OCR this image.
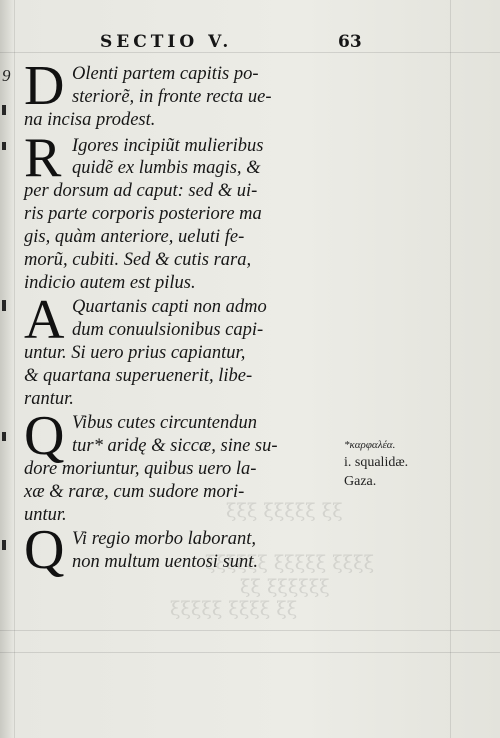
ξξξ ξξξξξ ξξ
ξξξξξξ ξξξξξ ξξξξ
ξξ ξξξξξξ
ξξξξξ ξξξξ ξξ
SECTIO V.	63
9 D Olenti partem capitis po-
steriorẽ, in fronte recta ue-
na incisa prodest.
R Igores incipiũt mulieribus
quidẽ ex lumbis magis, &
per dorsum ad caput: sed & ui-
ris parte corporis posteriore ma
gis, quàm anteriore, ueluti fe-
morũ, cubiti. Sed & cutis rara,
indicio autem est pilus.
A Quartanis capti non admo
dum conuulsionibus capi-
untur. Si uero prius capiantur,
& quartana superuenerit, libe-
rantur.
Q Vibus cutes circuntendun
tur* aridę & siccæ, sine su-
dore moriuntur, quibus uero la-
xæ & raræ, cum sudore mori-
untur.
Q Vi regio morbo laborant,
non multum uentosi sunt.
*καρφαλέα.
i. squalidæ.
Gaza.
